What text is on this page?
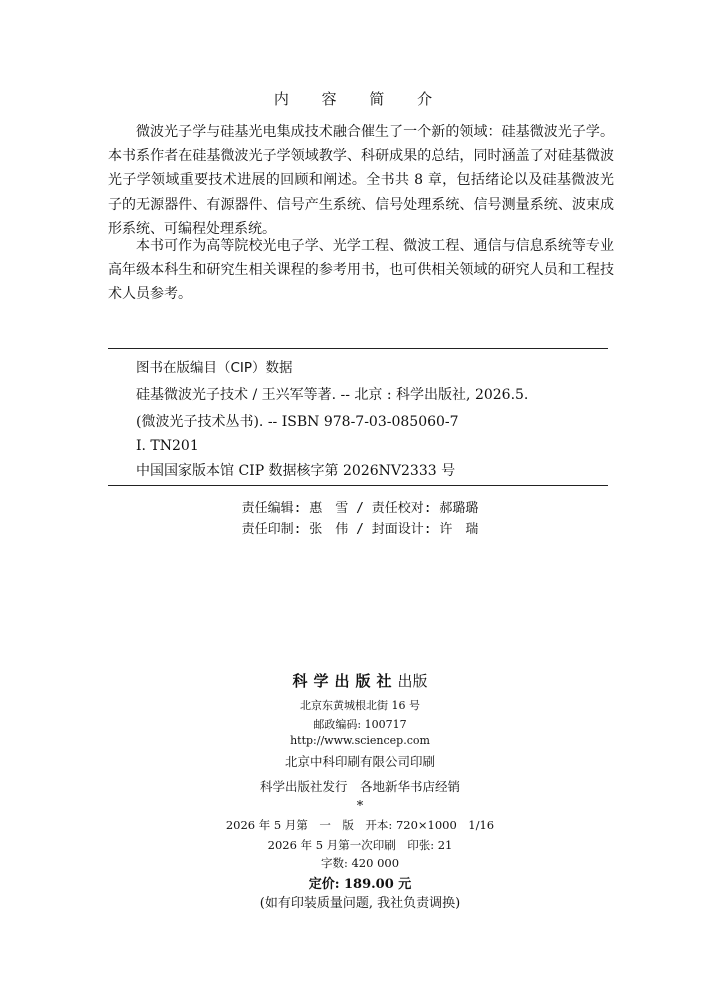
内 容 简 介
微波光子学与硅基光电集成技术融合催生了一个新的领域：硅基微波光子学。本书系作者在硅基微波光子学领域教学、科研成果的总结，同时涵盖了对硅基微波光子学领域重要技术进展的回顾和阐述。全书共 8 章，包括绪论以及硅基微波光子的无源器件、有源器件、信号产生系统、信号处理系统、信号测量系统、波束成形系统、可编程处理系统。
本书可作为高等院校光电子学、光学工程、微波工程、通信与信息系统等专业高年级本科生和研究生相关课程的参考用书，也可供相关领域的研究人员和工程技术人员参考。
图书在版编目（CIP）数据
硅基微波光子技术 / 王兴军等著. -- 北京 : 科学出版社, 2026.5.
(微波光子技术丛书). -- ISBN 978-7-03-085060-7
I. TN201
中国国家版本馆 CIP 数据核字第 2026NV2333 号
责任编辑: 惠　雪 / 责任校对: 郝璐璐
责任印制: 张　伟 / 封面设计: 许　瑞
科学出版社出版
北京东黄城根北街 16 号
邮政编码: 100717
http://www.sciencep.com
北京中科印刷有限公司印刷
科学出版社发行　各地新华书店经销
*
2026 年 5 月第　一　版　开本: 720×1000　1/16
2026 年 5 月第一次印刷　印张: 21
字数: 420 000
定价: 189.00 元
(如有印装质量问题, 我社负责调换)
